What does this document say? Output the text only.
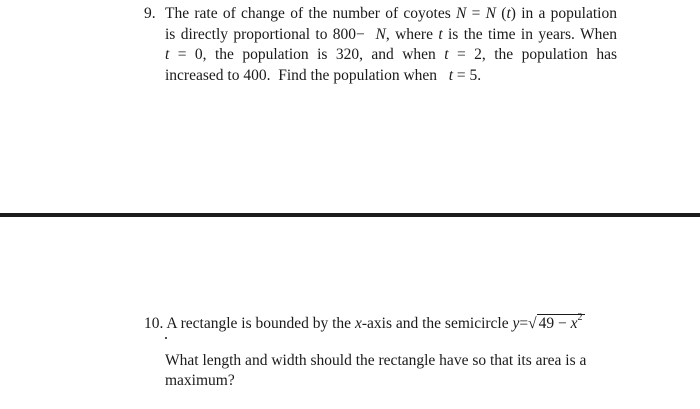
9. The rate of change of the number of coyotes N = N (t) in a population
is directly proportional to 800−  N, where t is the time in years. When
t = 0, the population is 320, and when t = 2, the population has
increased to 400.  Find the population when   t = 5.
10. A rectangle is bounded by the x-axis and the semicircle y=√ $49 - x^2$
What length and width should the rectangle have so that its area is a
maximum?
